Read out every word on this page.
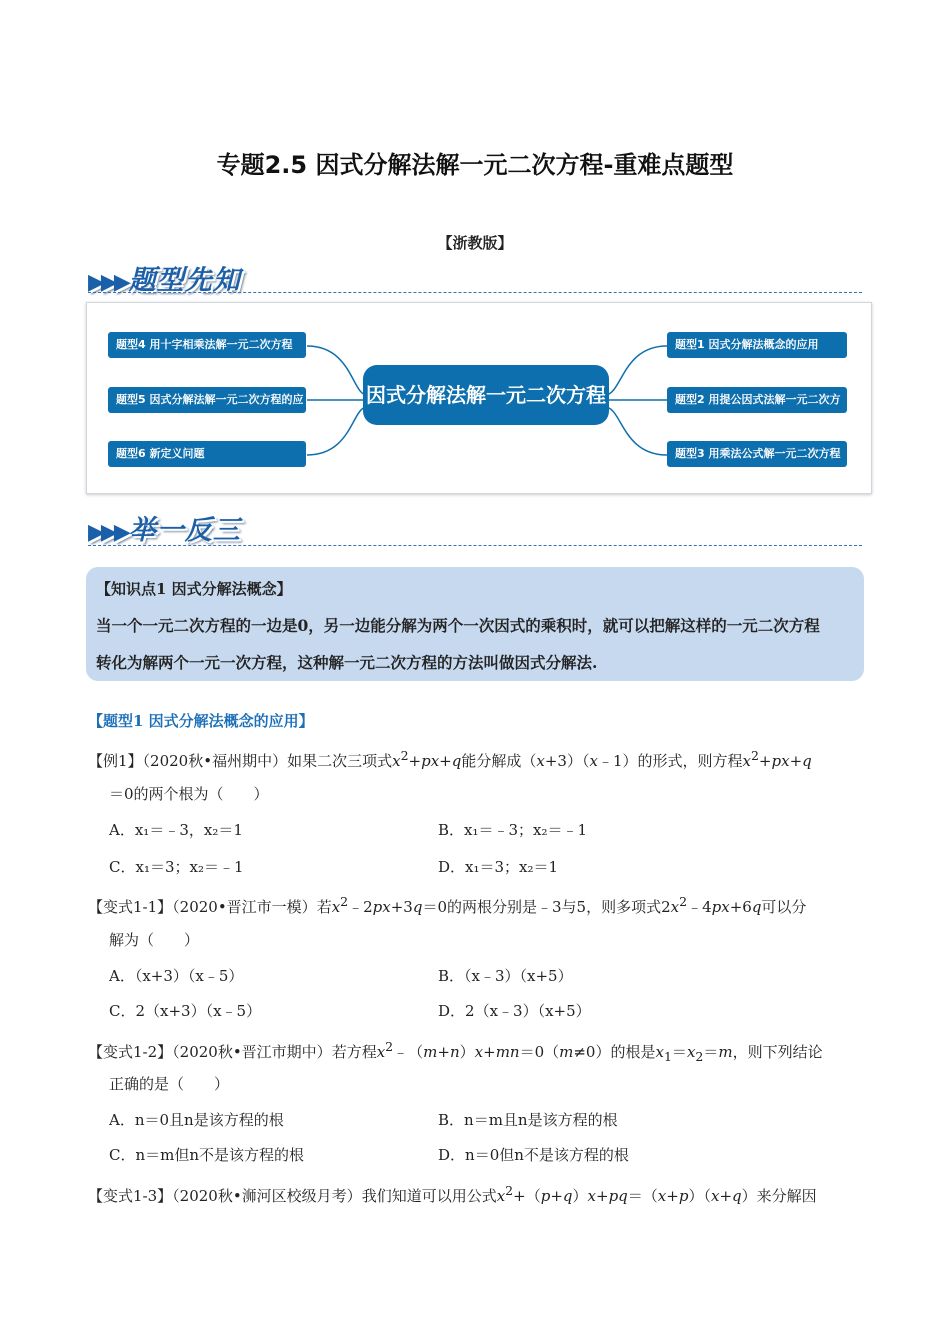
专题2.5 因式分解法解一元二次方程-重难点题型
【浙教版】
▶▶▶题型先知
题型4 用十字相乘法解一元二次方程
题型5 因式分解法解一元二次方程的应用
题型6 新定义问题
因式分解法解一元二次方程
题型1 因式分解法概念的应用
题型2 用提公因式法解一元二次方程
题型3 用乘法公式解一元二次方程
▶▶▶举一反三
【知识点1 因式分解法概念】
当一个一元二次方程的一边是0，另一边能分解为两个一次因式的乘积时，就可以把解这样的一元二次方程
转化为解两个一元一次方程，这种解一元二次方程的方法叫做因式分解法.
【题型1 因式分解法概念的应用】
【例1】（2020秋•福州期中）如果二次三项式$x^2+px+q$能分解成（x+3）（x﹣1）的形式，则方程$x^2+px+q$
＝0的两个根为（　　）
A．x₁＝﹣3，x₂＝1	B．x₁＝﹣3；x₂＝﹣1
C．x₁＝3；x₂＝﹣1	D．x₁＝3；x₂＝1
【变式1-1】（2020•晋江市一模）若$x^2﹣2px+3q=0$的两根分别是﹣3与5，则多项式$2x^2﹣4px+6q$可以分
解为（　　）
A．（x+3）（x﹣5）	B．（x﹣3）（x+5）
C．2（x+3）（x﹣5）	D．2（x﹣3）（x+5）
【变式1-2】（2020秋•晋江市期中）若方程$x^2﹣(m+n)x+mn=0(m\ne 0)$的根是$x_1=x_2=m$，则下列结论
正确的是（　　）
A．n＝0且n是该方程的根	B．n＝m且n是该方程的根
C．n＝m但n不是该方程的根	D．n＝0但n不是该方程的根
【变式1-3】（2020秋•浉河区校级月考）我们知道可以用公式$x^2+(p+q)x+pq=(x+p)(x+q)$来分解因
